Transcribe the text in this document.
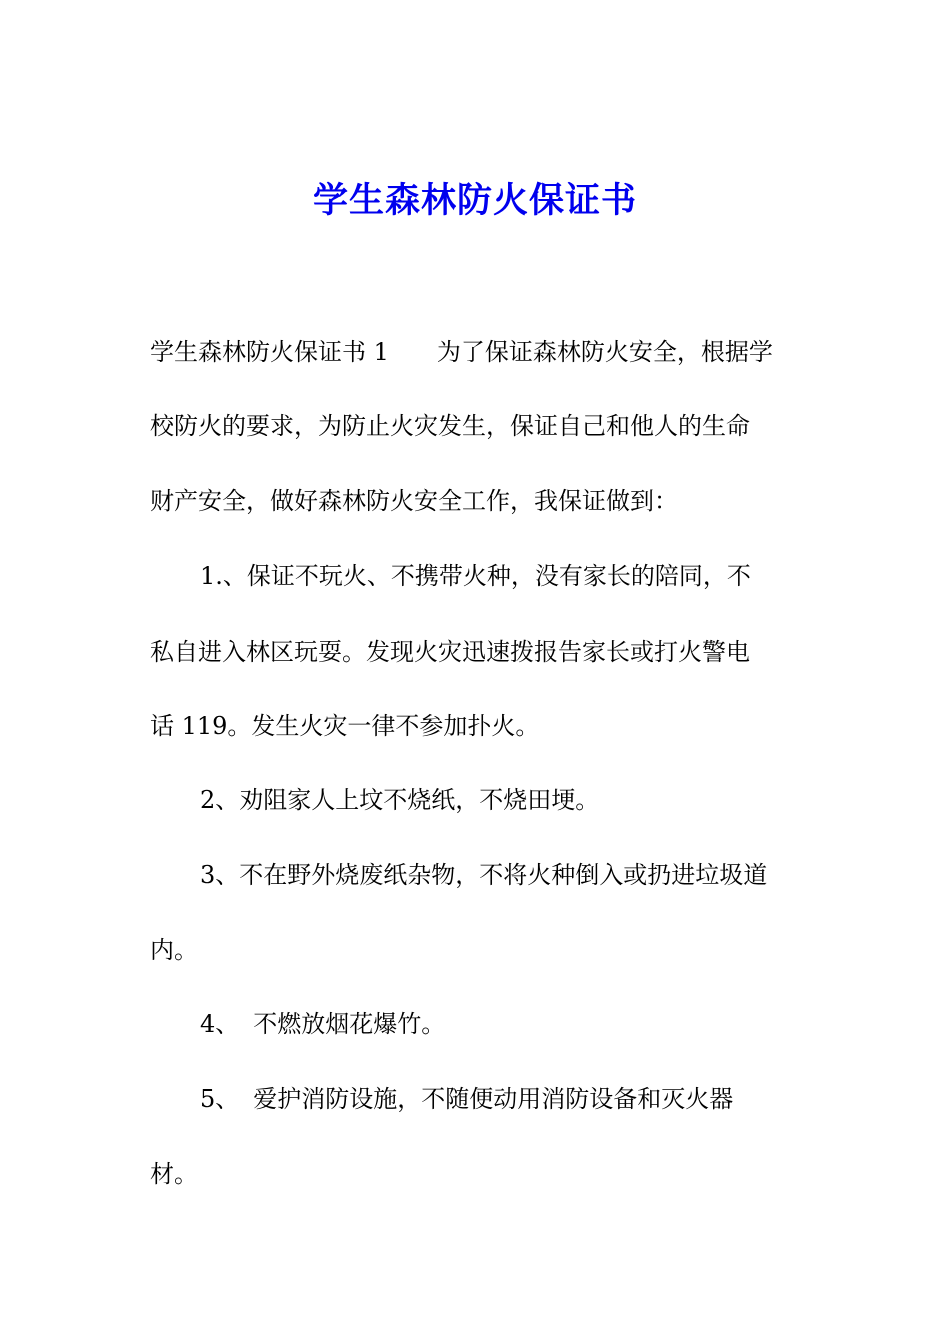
学生森林防火保证书
学生森林防火保证书 1 为了保证森林防火安全，根据学
校防火的要求，为防止火灾发生，保证自己和他人的生命
财产安全，做好森林防火安全工作，我保证做到：
1.、保证不玩火、不携带火种，没有家长的陪同，不
私自进入林区玩耍。发现火灾迅速拨报告家长或打火警电
话 119。发生火灾一律不参加扑火。
2、劝阻家人上坟不烧纸，不烧田埂。
3、不在野外烧废纸杂物，不将火种倒入或扔进垃圾道
内。
4、 不燃放烟花爆竹。
5、 爱护消防设施，不随便动用消防设备和灭火器
材。
